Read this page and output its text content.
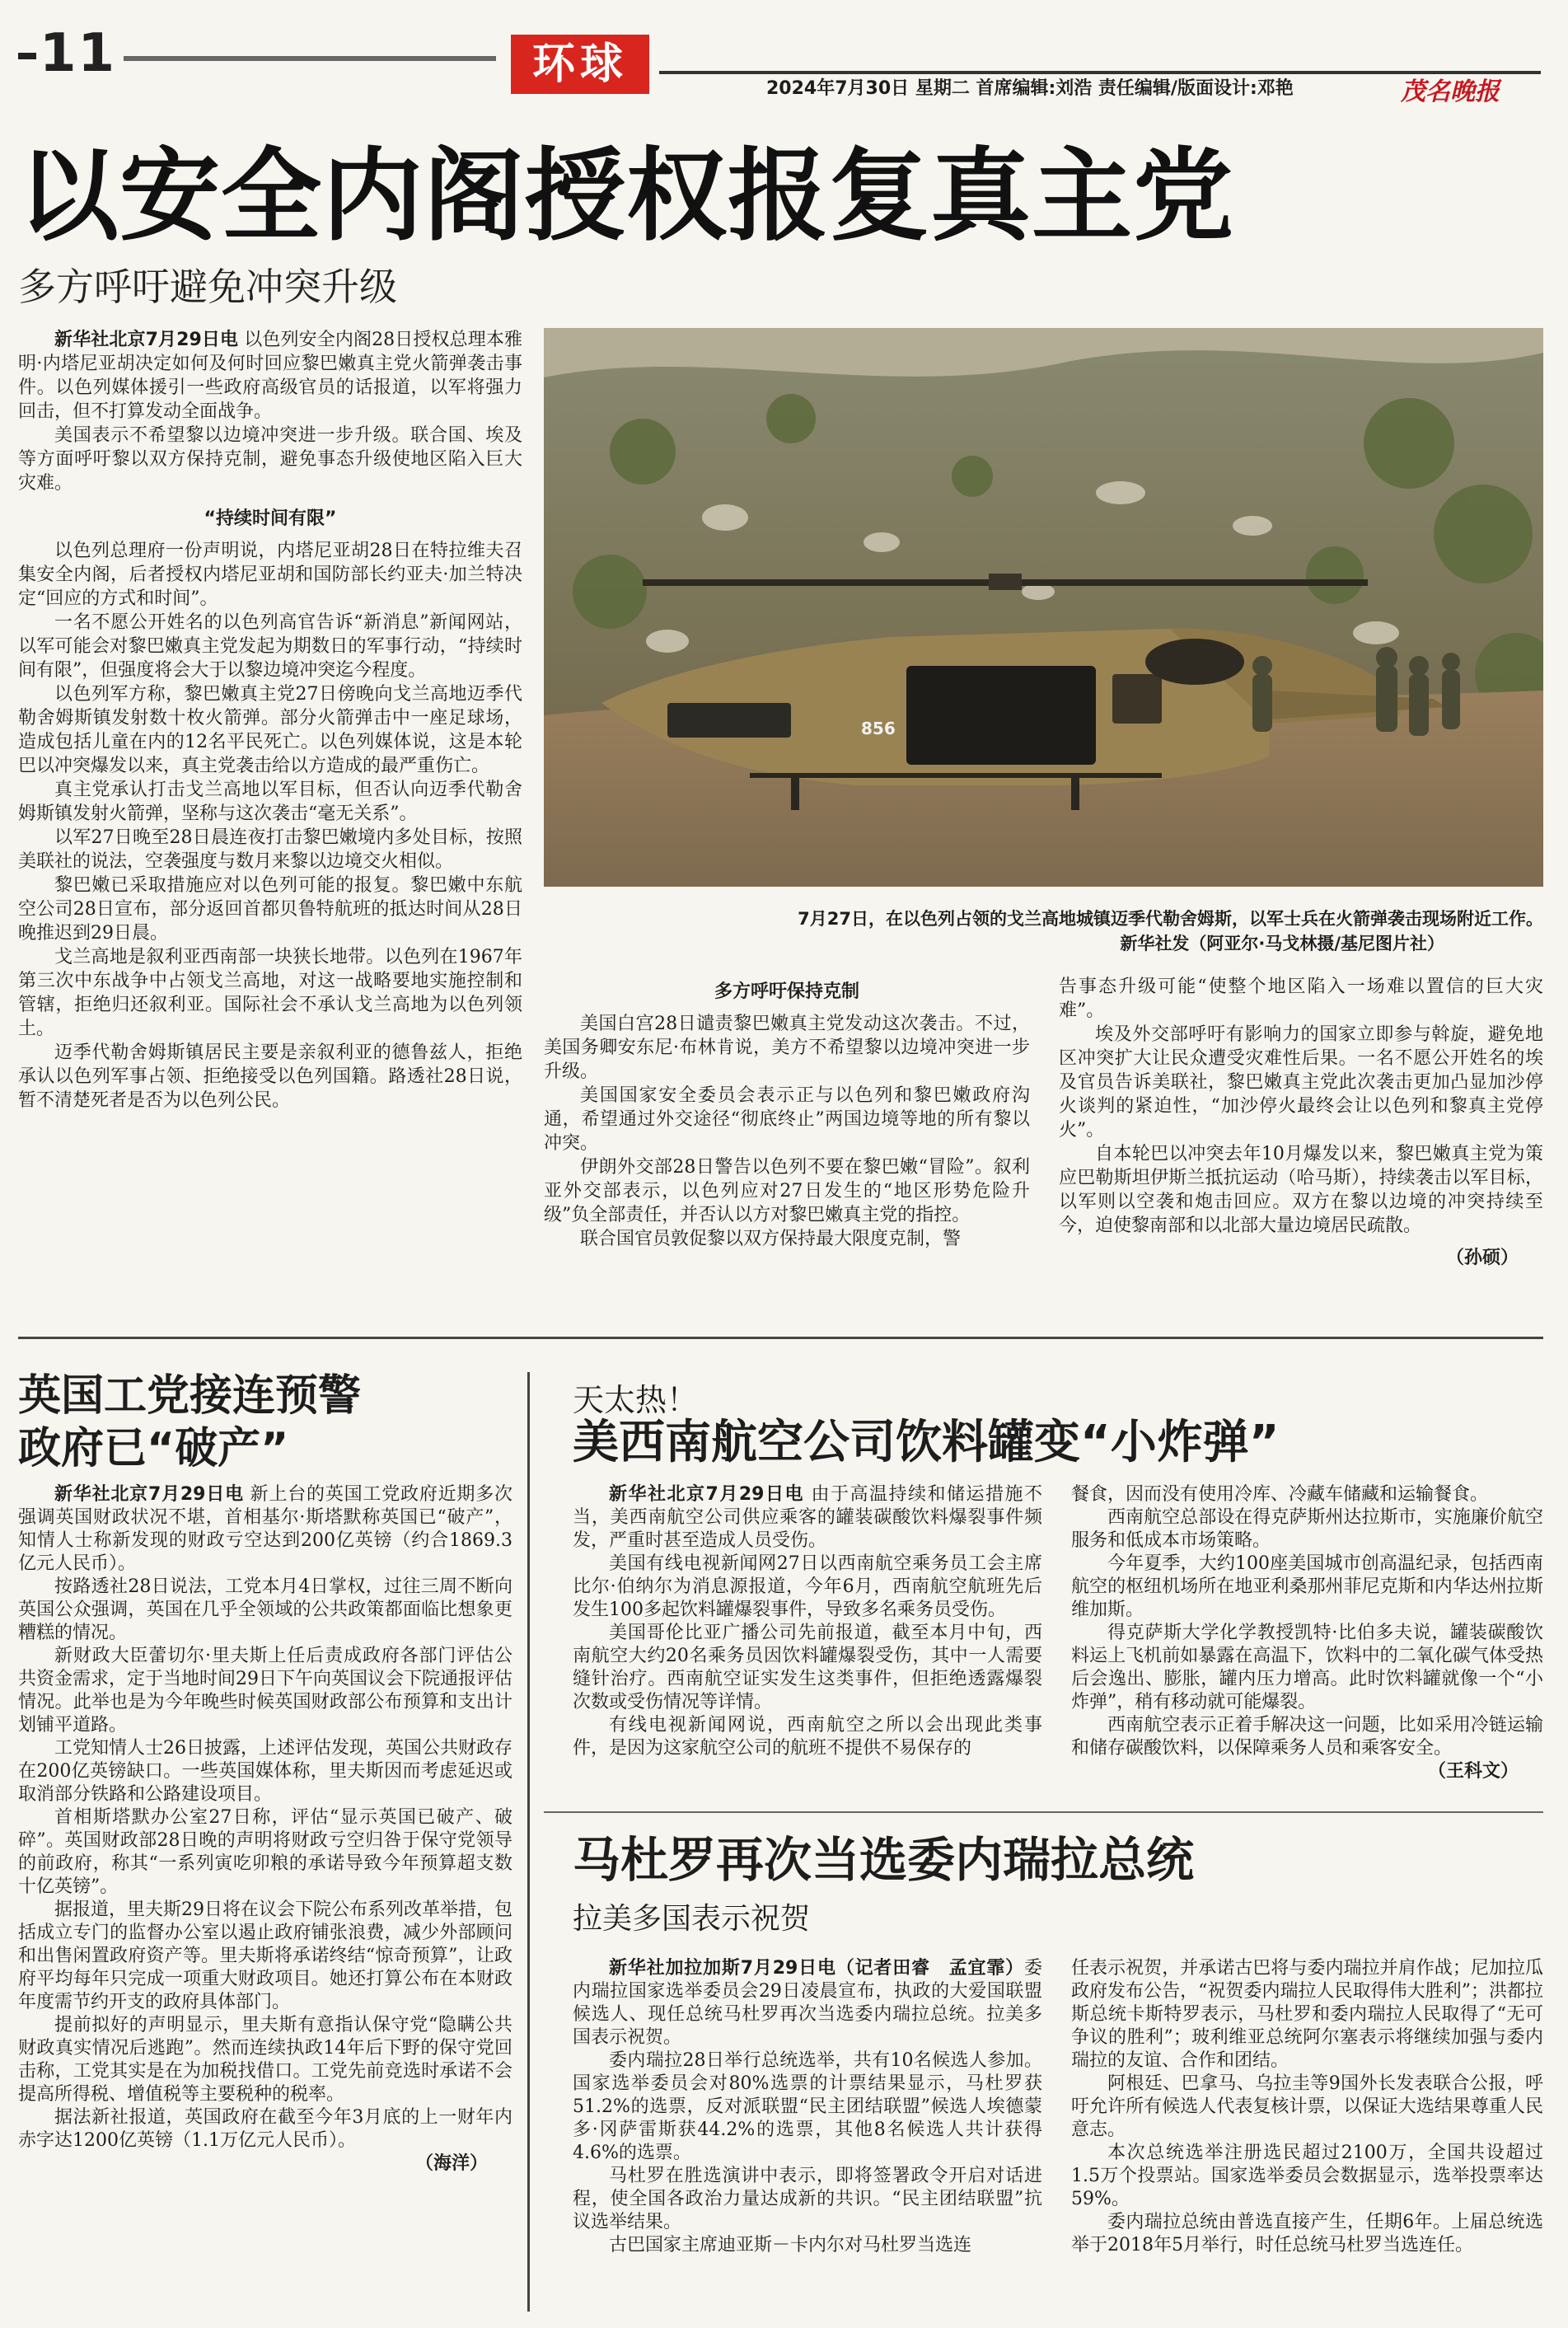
11	环球	2024年7月30日 星期二 首席编辑:刘浩 责任编辑/版面设计:邓艳	茂名晚报
以安全内阁授权报复真主党
多方呼吁避免冲突升级
856
7月27日，在以色列占领的戈兰高地城镇迈季代勒舍姆斯，以军士兵在火箭弹袭击现场附近工作。
新华社发（阿亚尔·马戈林摄/基尼图片社）

新华社北京7月29日电 以色列安全内阁28日授权总理本雅明·内塔尼亚胡决定如何及何时回应黎巴嫩真主党火箭弹袭击事件。以色列媒体援引一些政府高级官员的话报道，以军将强力回击，但不打算发动全面战争。

美国表示不希望黎以边境冲突进一步升级。联合国、埃及等方面呼吁黎以双方保持克制，避免事态升级使地区陷入巨大灾难。

“持续时间有限”

以色列总理府一份声明说，内塔尼亚胡28日在特拉维夫召集安全内阁，后者授权内塔尼亚胡和国防部长约亚夫·加兰特决定“回应的方式和时间”。

一名不愿公开姓名的以色列高官告诉“新消息”新闻网站，以军可能会对黎巴嫩真主党发起为期数日的军事行动，“持续时间有限”，但强度将会大于以黎边境冲突迄今程度。

以色列军方称，黎巴嫩真主党27日傍晚向戈兰高地迈季代勒舍姆斯镇发射数十枚火箭弹。部分火箭弹击中一座足球场，造成包括儿童在内的12名平民死亡。以色列媒体说，这是本轮巴以冲突爆发以来，真主党袭击给以方造成的最严重伤亡。

真主党承认打击戈兰高地以军目标，但否认向迈季代勒舍姆斯镇发射火箭弹，坚称与这次袭击“毫无关系”。

以军27日晚至28日晨连夜打击黎巴嫩境内多处目标，按照美联社的说法，空袭强度与数月来黎以边境交火相似。

黎巴嫩已采取措施应对以色列可能的报复。黎巴嫩中东航空公司28日宣布，部分返回首都贝鲁特航班的抵达时间从28日晚推迟到29日晨。

戈兰高地是叙利亚西南部一块狭长地带。以色列在1967年第三次中东战争中占领戈兰高地，对这一战略要地实施控制和管辖，拒绝归还叙利亚。国际社会不承认戈兰高地为以色列领土。

迈季代勒舍姆斯镇居民主要是亲叙利亚的德鲁兹人，拒绝承认以色列军事占领、拒绝接受以色列国籍。路透社28日说，暂不清楚死者是否为以色列公民。

多方呼吁保持克制

美国白宫28日谴责黎巴嫩真主党发动这次袭击。不过，美国务卿安东尼·布林肯说，美方不希望黎以边境冲突进一步升级。

美国国家安全委员会表示正与以色列和黎巴嫩政府沟通，希望通过外交途径“彻底终止”两国边境等地的所有黎以冲突。

伊朗外交部28日警告以色列不要在黎巴嫩“冒险”。叙利亚外交部表示，以色列应对27日发生的“地区形势危险升级”负全部责任，并否认以方对黎巴嫩真主党的指控。

联合国官员敦促黎以双方保持最大限度克制，警

告事态升级可能“使整个地区陷入一场难以置信的巨大灾难”。

埃及外交部呼吁有影响力的国家立即参与斡旋，避免地区冲突扩大让民众遭受灾难性后果。一名不愿公开姓名的埃及官员告诉美联社，黎巴嫩真主党此次袭击更加凸显加沙停火谈判的紧迫性，“加沙停火最终会让以色列和黎真主党停火”。

自本轮巴以冲突去年10月爆发以来，黎巴嫩真主党为策应巴勒斯坦伊斯兰抵抗运动（哈马斯），持续袭击以军目标，以军则以空袭和炮击回应。双方在黎以边境的冲突持续至今，迫使黎南部和以北部大量边境居民疏散。

（孙硕）
英国工党接连预警
政府已“破产”

新华社北京7月29日电 新上台的英国工党政府近期多次强调英国财政状况不堪，首相基尔·斯塔默称英国已“破产”，知情人士称新发现的财政亏空达到200亿英镑（约合1869.3亿元人民币）。

按路透社28日说法，工党本月4日掌权，过往三周不断向英国公众强调，英国在几乎全领域的公共政策都面临比想象更糟糕的情况。

新财政大臣蕾切尔·里夫斯上任后责成政府各部门评估公共资金需求，定于当地时间29日下午向英国议会下院通报评估情况。此举也是为今年晚些时候英国财政部公布预算和支出计划铺平道路。

工党知情人士26日披露，上述评估发现，英国公共财政存在200亿英镑缺口。一些英国媒体称，里夫斯因而考虑延迟或取消部分铁路和公路建设项目。

首相斯塔默办公室27日称，评估“显示英国已破产、破碎”。英国财政部28日晚的声明将财政亏空归咎于保守党领导的前政府，称其“一系列寅吃卯粮的承诺导致今年预算超支数十亿英镑”。

据报道，里夫斯29日将在议会下院公布系列改革举措，包括成立专门的监督办公室以遏止政府铺张浪费，减少外部顾问和出售闲置政府资产等。里夫斯将承诺终结“惊奇预算”，让政府平均每年只完成一项重大财政项目。她还打算公布在本财政年度需节约开支的政府具体部门。

提前拟好的声明显示，里夫斯有意指认保守党“隐瞒公共财政真实情况后逃跑”。然而连续执政14年后下野的保守党回击称，工党其实是在为加税找借口。工党先前竞选时承诺不会提高所得税、增值税等主要税种的税率。

据法新社报道，英国政府在截至今年3月底的上一财年内赤字达1200亿英镑（1.1万亿元人民币）。

（海洋）
天太热！
美西南航空公司饮料罐变“小炸弹”

新华社北京7月29日电 由于高温持续和储运措施不当，美西南航空公司供应乘客的罐装碳酸饮料爆裂事件频发，严重时甚至造成人员受伤。

美国有线电视新闻网27日以西南航空乘务员工会主席比尔·伯纳尔为消息源报道，今年6月，西南航空航班先后发生100多起饮料罐爆裂事件，导致多名乘务员受伤。

美国哥伦比亚广播公司先前报道，截至本月中旬，西南航空大约20名乘务员因饮料罐爆裂受伤，其中一人需要缝针治疗。西南航空证实发生这类事件，但拒绝透露爆裂次数或受伤情况等详情。

有线电视新闻网说，西南航空之所以会出现此类事件，是因为这家航空公司的航班不提供不易保存的

餐食，因而没有使用冷库、冷藏车储藏和运输餐食。

西南航空总部设在得克萨斯州达拉斯市，实施廉价航空服务和低成本市场策略。

今年夏季，大约100座美国城市创高温纪录，包括西南航空的枢纽机场所在地亚利桑那州菲尼克斯和内华达州拉斯维加斯。

得克萨斯大学化学教授凯特·比伯多夫说，罐装碳酸饮料运上飞机前如暴露在高温下，饮料中的二氧化碳气体受热后会逸出、膨胀，罐内压力增高。此时饮料罐就像一个“小炸弹”，稍有移动就可能爆裂。

西南航空表示正着手解决这一问题，比如采用冷链运输和储存碳酸饮料，以保障乘务人员和乘客安全。

（王科文）
马杜罗再次当选委内瑞拉总统
拉美多国表示祝贺

新华社加拉加斯7月29日电（记者田睿　孟宜霏）委内瑞拉国家选举委员会29日凌晨宣布，执政的大爱国联盟候选人、现任总统马杜罗再次当选委内瑞拉总统。拉美多国表示祝贺。

委内瑞拉28日举行总统选举，共有10名候选人参加。国家选举委员会对80%选票的计票结果显示，马杜罗获51.2%的选票，反对派联盟“民主团结联盟”候选人埃德蒙多·冈萨雷斯获44.2%的选票，其他8名候选人共计获得4.6%的选票。

马杜罗在胜选演讲中表示，即将签署政令开启对话进程，使全国各政治力量达成新的共识。“民主团结联盟”抗议选举结果。

古巴国家主席迪亚斯－卡内尔对马杜罗当选连

任表示祝贺，并承诺古巴将与委内瑞拉并肩作战；尼加拉瓜政府发布公告，“祝贺委内瑞拉人民取得伟大胜利”；洪都拉斯总统卡斯特罗表示，马杜罗和委内瑞拉人民取得了“无可争议的胜利”；玻利维亚总统阿尔塞表示将继续加强与委内瑞拉的友谊、合作和团结。

阿根廷、巴拿马、乌拉圭等9国外长发表联合公报，呼吁允许所有候选人代表复核计票，以保证大选结果尊重人民意志。

本次总统选举注册选民超过2100万，全国共设超过1.5万个投票站。国家选举委员会数据显示，选举投票率达59%。

委内瑞拉总统由普选直接产生，任期6年。上届总统选举于2018年5月举行，时任总统马杜罗当选连任。
